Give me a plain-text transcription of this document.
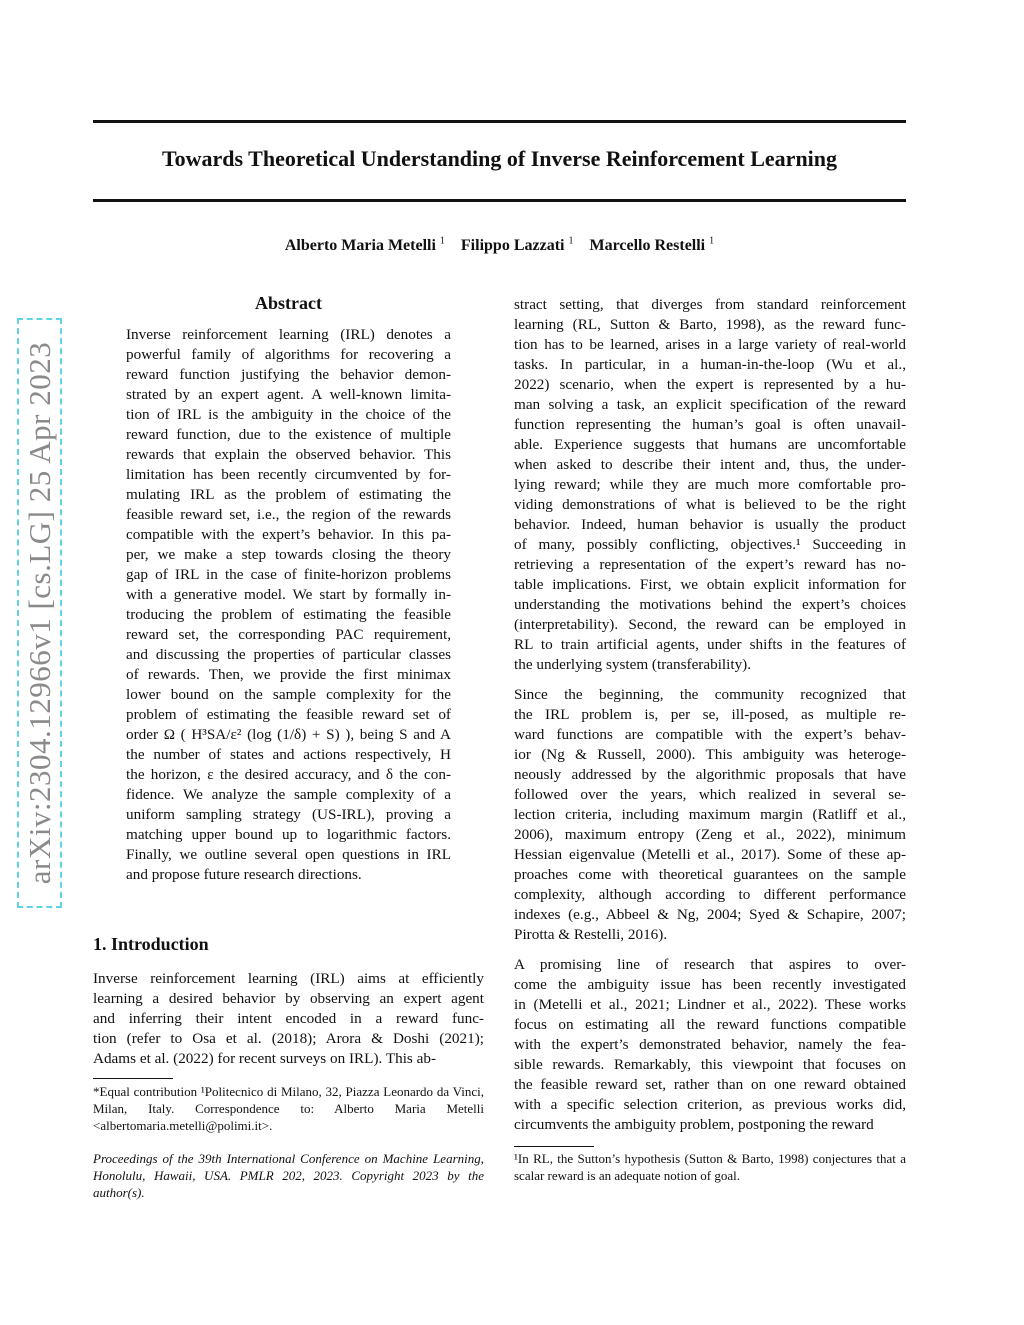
arXiv:2304.12966v1 [cs.LG] 25 Apr 2023
Towards Theoretical Understanding of Inverse Reinforcement Learning
Alberto Maria Metelli $^1$ Filippo Lazzati $^1$ Marcello Restelli $^1$
Abstract
Inverse reinforcement learning (IRL) denotes a
powerful family of algorithms for recovering a
reward function justifying the behavior demon-
strated by an expert agent. A well-known limita-
tion of IRL is the ambiguity in the choice of the
reward function, due to the existence of multiple
rewards that explain the observed behavior. This
limitation has been recently circumvented by for-
mulating IRL as the problem of estimating the
feasible reward set, i.e., the region of the rewards
compatible with the expert’s behavior. In this pa-
per, we make a step towards closing the theory
gap of IRL in the case of finite-horizon problems
with a generative model. We start by formally in-
troducing the problem of estimating the feasible
reward set, the corresponding PAC requirement,
and discussing the properties of particular classes
of rewards. Then, we provide the first minimax
lower bound on the sample complexity for the
problem of estimating the feasible reward set of
order Ω ( H³SA/ε² (log (1/δ) + S) ), being S and A
the number of states and actions respectively, H
the horizon, ε the desired accuracy, and δ the con-
fidence. We analyze the sample complexity of a
uniform sampling strategy (US-IRL), proving a
matching upper bound up to logarithmic factors.
Finally, we outline several open questions in IRL
and propose future research directions.
1. Introduction
Inverse reinforcement learning (IRL) aims at efficiently
learning a desired behavior by observing an expert agent
and inferring their intent encoded in a reward func-
tion (refer to Osa et al. (2018); Arora & Doshi (2021);
Adams et al. (2022) for recent surveys on IRL). This ab-
*Equal contribution ¹Politecnico di Milano, 32, Piazza Leonardo da Vinci, Milan, Italy. Correspondence to: Alberto Maria Metelli <albertomaria.metelli@polimi.it>.
Proceedings of the 39th International Conference on Machine Learning, Honolulu, Hawaii, USA. PMLR 202, 2023. Copyright 2023 by the author(s).
stract setting, that diverges from standard reinforcement
learning (RL, Sutton & Barto, 1998), as the reward func-
tion has to be learned, arises in a large variety of real-world
tasks. In particular, in a human-in-the-loop (Wu et al.,
2022) scenario, when the expert is represented by a hu-
man solving a task, an explicit specification of the reward
function representing the human’s goal is often unavail-
able. Experience suggests that humans are uncomfortable
when asked to describe their intent and, thus, the under-
lying reward; while they are much more comfortable pro-
viding demonstrations of what is believed to be the right
behavior. Indeed, human behavior is usually the product
of many, possibly conflicting, objectives.¹ Succeeding in
retrieving a representation of the expert’s reward has no-
table implications. First, we obtain explicit information for
understanding the motivations behind the expert’s choices
(interpretability). Second, the reward can be employed in
RL to train artificial agents, under shifts in the features of
the underlying system (transferability).
Since the beginning, the community recognized that
the IRL problem is, per se, ill-posed, as multiple re-
ward functions are compatible with the expert’s behav-
ior (Ng & Russell, 2000). This ambiguity was heteroge-
neously addressed by the algorithmic proposals that have
followed over the years, which realized in several se-
lection criteria, including maximum margin (Ratliff et al.,
2006), maximum entropy (Zeng et al., 2022), minimum
Hessian eigenvalue (Metelli et al., 2017). Some of these ap-
proaches come with theoretical guarantees on the sample
complexity, although according to different performance
indexes (e.g., Abbeel & Ng, 2004; Syed & Schapire, 2007;
Pirotta & Restelli, 2016).
A promising line of research that aspires to over-
come the ambiguity issue has been recently investigated
in (Metelli et al., 2021; Lindner et al., 2022). These works
focus on estimating all the reward functions compatible
with the expert’s demonstrated behavior, namely the fea-
sible rewards. Remarkably, this viewpoint that focuses on
the feasible reward set, rather than on one reward obtained
with a specific selection criterion, as previous works did,
circumvents the ambiguity problem, postponing the reward
¹In RL, the Sutton’s hypothesis (Sutton & Barto, 1998) conjectures that a scalar reward is an adequate notion of goal.
